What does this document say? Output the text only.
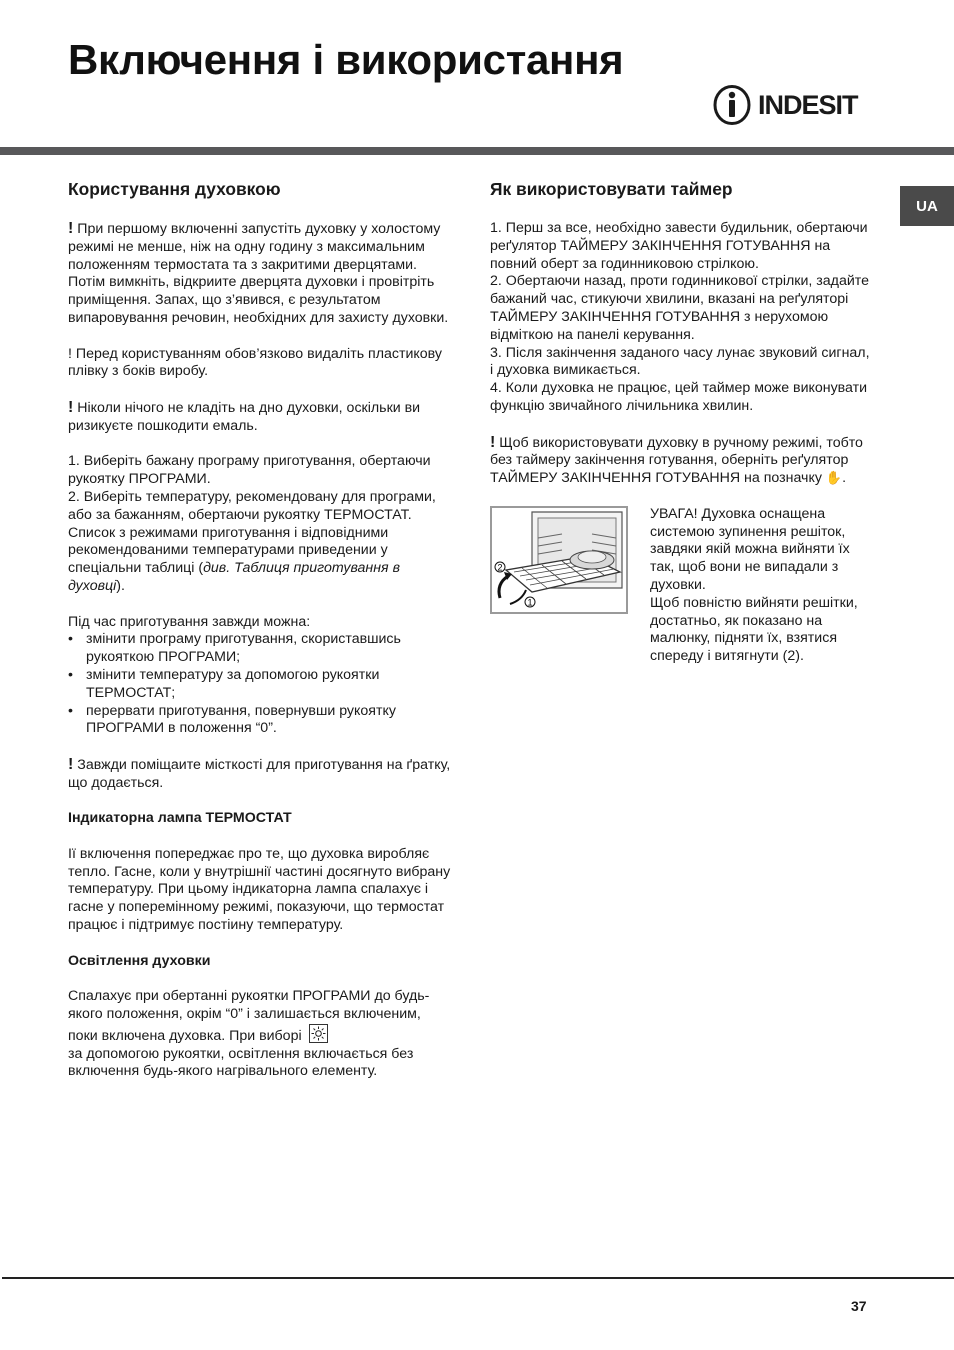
Включення і використання
INDESIT
UA
Користування духовкою

! При першому включенні запустіть духовку у холостому режимі не менше, ніж на одну годину з максимальним положенням термостата та з закритими дверцятами. Потім вимкніть, відкриите дверцята духовки і провітріть приміщення. Запах, що з’явився, є результатом випаровування речовин, необхідних для захисту духовки.

! Перед користуванням обов’язково видаліть пластикову плівку з боків виробу.

! Ніколи нічого не кладіть на дно духовки, оскільки ви ризикуєте пошкодити емаль.

1. Виберіть бажану програму приготування, обертаючи рукоятку ПРОГРАМИ.
2. Виберіть температуру, рекомендовану для програми, або за бажанням, обертаючи рукоятку ТЕРМОСТАТ.
Список з режимами приготування і відповідними рекомендованими температурами приведении у спеціальни таблиці (див. Таблиця приготування в духовці).

Під час приготування завжди можна:
• змінити програму приготування, скориставшись рукояткою ПРОГРАМИ;
• змінити температуру за допомогою рукоятки ТЕРМОСТАТ;
• перервати приготування, повернувши рукоятку ПРОГРАМИ в положення “0”.

! Завжди поміщаите місткості для приготування на ґратку, що додається.

Індикаторна лампа ТЕРМОСТАТ

Ії включення попереджає про те, що духовка виробляє тепло. Гасне, коли у внутрішнії частині досягнуто вибрану температуру. При цьому індикаторна лампа спалахує і гасне у поперемінному режимі, показуючи, що термостат працює і підтримує постіину температуру.

Освітлення духовки

Спалахує при обертанні рукоятки ПРОГРАМИ до будь-якого положення, окрім “0” і залишається включеним, поки включена духовка. При виборі

за допомогою рукоятки, освітлення включається без включення будь-якого нагрівального елементу.

Як використовувати таймер

1. Перш за все, необхідно завести будильник, обертаючи реґулятор ТАЙМЕРУ ЗАКІНЧЕННЯ ГОТУВАННЯ на повний оберт за годинниковою стрілкою.
2. Обертаючи назад, проти годинникової стрілки, задайте бажаний час, стикуючи хвилини, вказані на реґуляторі ТАЙМЕРУ ЗАКІНЧЕННЯ ГОТУВАННЯ з нерухомою відміткою на панелі керування.
3. Після закінчення заданого часу лунає звуковий сигнал, і духовка вимикається.
4. Коли духовка не працює, цей таймер може виконувати функцію звичайного лічильника хвилин.

! Щоб використовувати духовку в ручному режимі, тобто без таймеру закінчення готування, оберніть реґулятор ТАЙМЕРУ ЗАКІНЧЕННЯ ГОТУВАННЯ на позначку ✋.

2
1
УВАГА! Духовка оснащена системою зупинення решіток, завдяки якій можна вийняти їх так, щоб вони не випадали з духовки.
Щоб повністю вийняти решітки, достатньо, як показано на малюнку, підняти їх, взятися спереду і витягнути (2).
37
